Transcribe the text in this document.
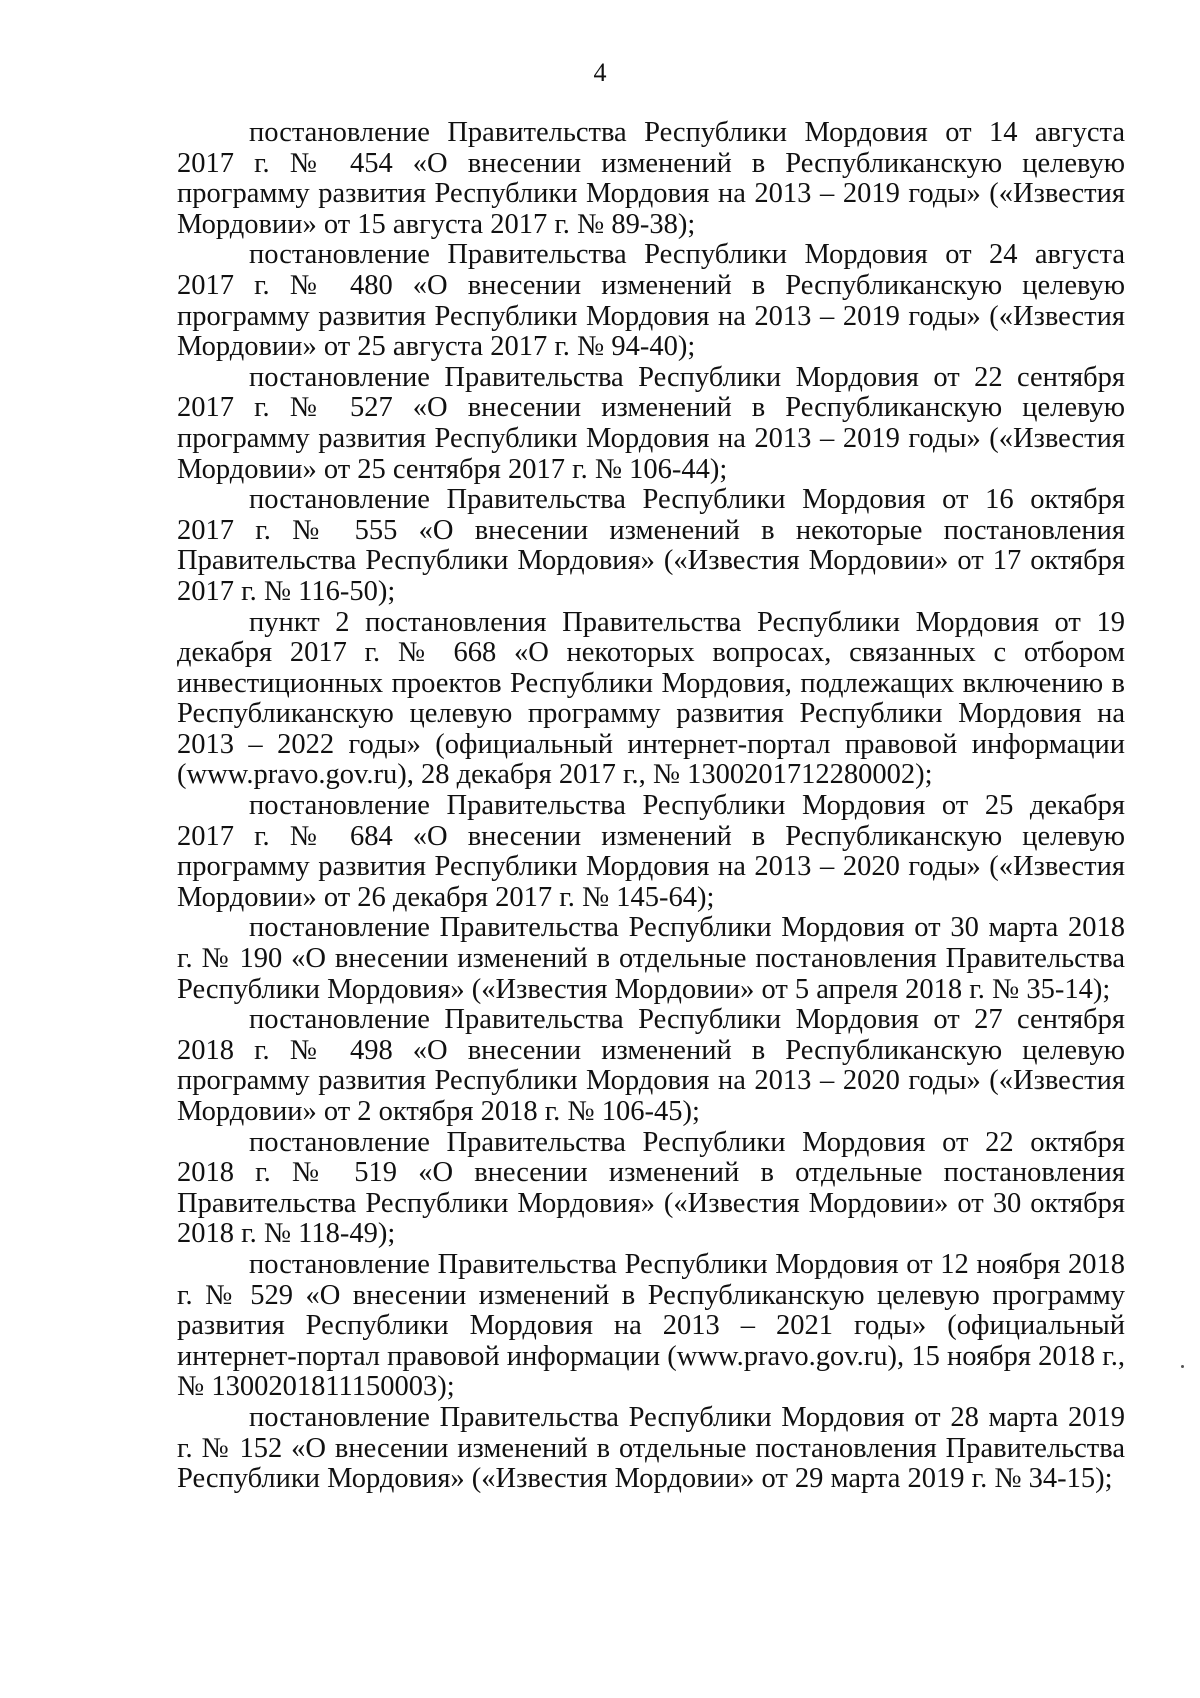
4

постановление Правительства Республики Мордовия от 14 августа 2017 г. № 454 «О внесении изменений в Республиканскую целевую программу развития Республики Мордовия на 2013 – 2019 годы» («Известия Мордовии» от 15 августа 2017 г. № 89-38);

постановление Правительства Республики Мордовия от 24 августа 2017 г. № 480 «О внесении изменений в Республиканскую целевую программу развития Республики Мордовия на 2013 – 2019 годы» («Известия Мордовии» от 25 августа 2017 г. № 94-40);

постановление Правительства Республики Мордовия от 22 сентября 2017 г. № 527 «О внесении изменений в Республиканскую целевую программу развития Республики Мордовия на 2013 – 2019 годы» («Известия Мордовии» от 25 сентября 2017 г. № 106-44);

постановление Правительства Республики Мордовия от 16 октября 2017 г. № 555 «О внесении изменений в некоторые постановления Правительства Республики Мордовия» («Известия Мордовии» от 17 октября 2017 г. № 116-50);

пункт 2 постановления Правительства Республики Мордовия от 19 декабря 2017 г. № 668 «О некоторых вопросах, связанных с отбором инвестиционных проектов Республики Мордовия, подлежащих включению в Республиканскую целевую программу развития Республики Мордовия на 2013 – 2022 годы» (официальный интернет-портал правовой информации (www.pravo.gov.ru), 28 декабря 2017 г., № 1300201712280002);

постановление Правительства Республики Мордовия от 25 декабря 2017 г. № 684 «О внесении изменений в Республиканскую целевую программу развития Республики Мордовия на 2013 – 2020 годы» («Известия Мордовии» от 26 декабря 2017 г. № 145-64);

постановление Правительства Республики Мордовия от 30 марта 2018 г. № 190 «О внесении изменений в отдельные постановления Правительства Республики Мордовия» («Известия Мордовии» от 5 апреля 2018 г. № 35-14);

постановление Правительства Республики Мордовия от 27 сентября 2018 г. № 498 «О внесении изменений в Республиканскую целевую программу развития Республики Мордовия на 2013 – 2020 годы» («Известия Мордовии» от 2 октября 2018 г. № 106-45);

постановление Правительства Республики Мордовия от 22 октября 2018 г. № 519 «О внесении изменений в отдельные постановления Правительства Республики Мордовия» («Известия Мордовии» от 30 октября 2018 г. № 118-49);

постановление Правительства Республики Мордовия от 12 ноября 2018 г. № 529 «О внесении изменений в Республиканскую целевую программу развития Республики Мордовия на 2013 – 2021 годы» (официальный интернет-портал правовой информации (www.pravo.gov.ru), 15 ноября 2018 г., № 1300201811150003);

постановление Правительства Республики Мордовия от 28 марта 2019 г. № 152 «О внесении изменений в отдельные постановления Правительства Республики Мордовия» («Известия Мордовии» от 29 марта 2019 г. № 34-15);
